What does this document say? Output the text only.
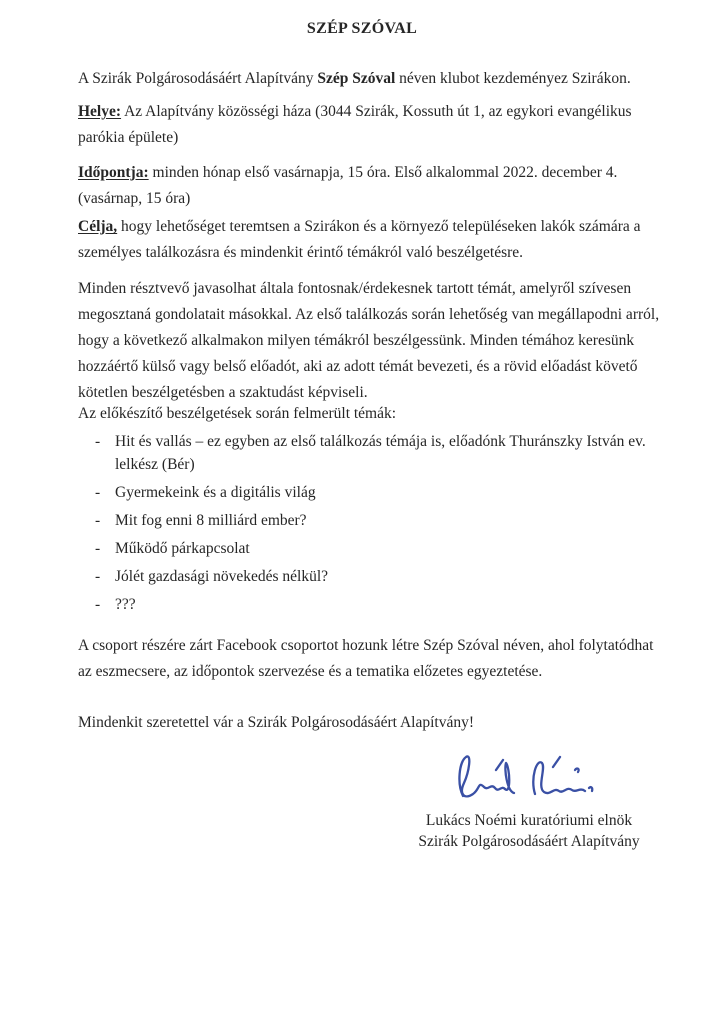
SZÉP SZÓVAL
A Szirák Polgárosodásáért Alapítvány Szép Szóval néven klubot kezdeményez Szirákon.
Helye: Az Alapítvány közösségi háza (3044 Szirák, Kossuth út 1, az egykori evangélikus
parókia épülete)
Időpontja: minden hónap első vasárnapja, 15 óra. Első alkalommal 2022. december 4.
(vasárnap, 15 óra)
Célja, hogy lehetőséget teremtsen a Szirákon és a környező településeken lakók számára a
személyes találkozásra és mindenkit érintő témákról való beszélgetésre.
Minden résztvevő javasolhat általa fontosnak/érdekesnek tartott témát, amelyről szívesen
megosztaná gondolatait másokkal. Az első találkozás során lehetőség van megállapodni arról,
hogy a következő alkalmakon milyen témákról beszélgessünk. Minden témához keresünk
hozzáértő külső vagy belső előadót, aki az adott témát bevezeti, és a rövid előadást követő
kötetlen beszélgetésben a szaktudást képviseli.
Az előkészítő beszélgetések során felmerült témák:
- Hit és vallás – ez egyben az első találkozás témája is, előadónk Thuránszky István ev.
lelkész (Bér)
- Gyermekeink és a digitális világ
- Mit fog enni 8 milliárd ember?
- Működő párkapcsolat
- Jólét gazdasági növekedés nélkül?
- ???
A csoport részére zárt Facebook csoportot hozunk létre Szép Szóval néven, ahol folytatódhat
az eszmecsere, az időpontok szervezése és a tematika előzetes egyeztetése.
Mindenkit szeretettel vár a Szirák Polgárosodásáért Alapítvány!
Lukács Noémi kuratóriumi elnök
Szirák Polgárosodásáért Alapítvány
